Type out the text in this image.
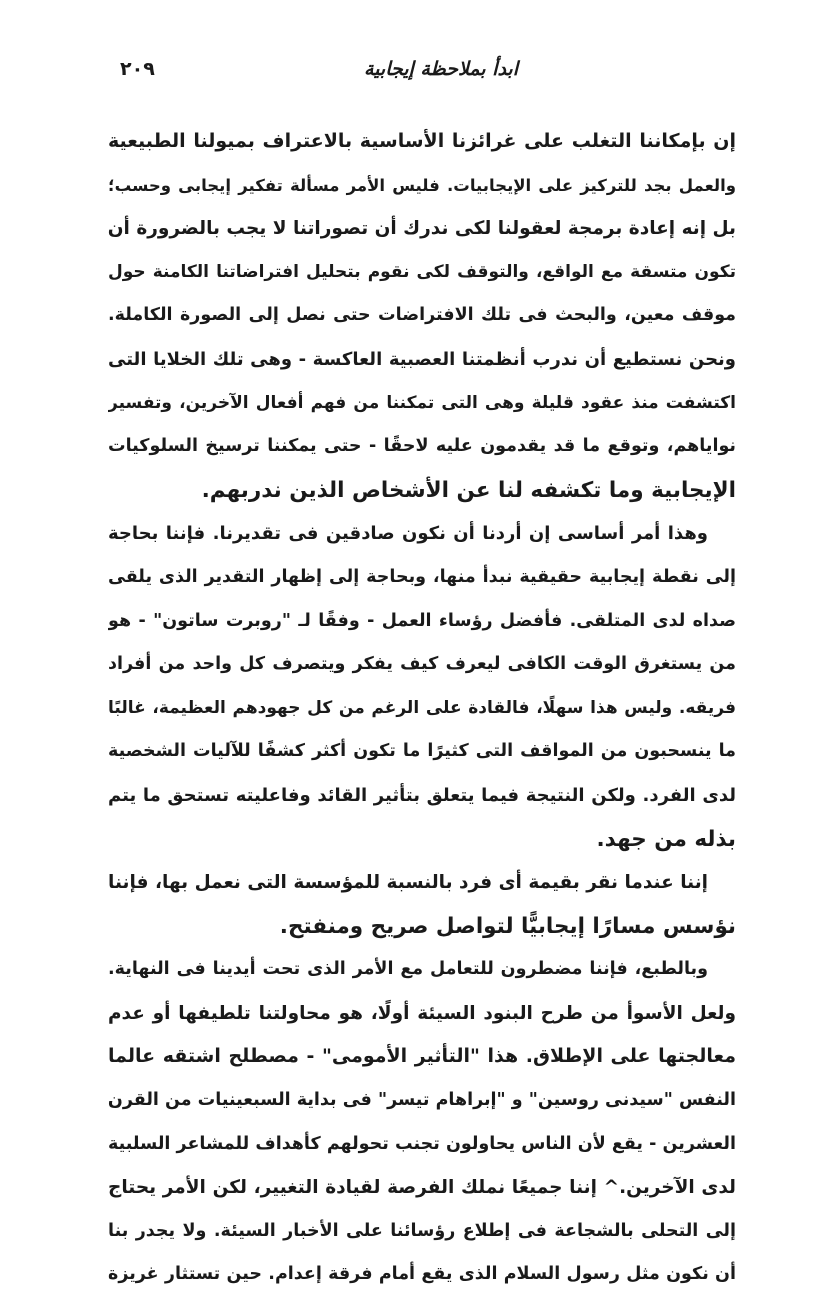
ابدأ بملاحظة إيجابية
٢٠٩
إن بإمكاننا التغلب على غرائزنا الأساسية بالاعتراف بميولنا الطبيعية
والعمل بجد للتركيز على الإيجابيات. فليس الأمر مسألة تفكير إيجابى وحسب؛
بل إنه إعادة برمجة لعقولنا لكى ندرك أن تصوراتنا لا يجب بالضرورة أن
تكون متسقة مع الواقع، والتوقف لكى نقوم بتحليل افتراضاتنا الكامنة حول
موقف معين، والبحث فى تلك الافتراضات حتى نصل إلى الصورة الكاملة.
ونحن نستطيع أن ندرب أنظمتنا العصبية العاكسة - وهى تلك الخلايا التى
اكتشفت منذ عقود قليلة وهى التى تمكننا من فهم أفعال الآخرين، وتفسير
نواياهم، وتوقع ما قد يقدمون عليه لاحقًا - حتى يمكننا ترسيخ السلوكيات
الإيجابية وما تكشفه لنا عن الأشخاص الذين ندربهم.
وهذا أمر أساسى إن أردنا أن نكون صادقين فى تقديرنا. فإننا بحاجة
إلى نقطة إيجابية حقيقية نبدأ منها، وبحاجة إلى إظهار التقدير الذى يلقى
صداه لدى المتلقى. فأفضل رؤساء العمل - وفقًا لـ "روبرت ساتون" - هو
من يستغرق الوقت الكافى ليعرف كيف يفكر ويتصرف كل واحد من أفراد
فريقه. وليس هذا سهلًا، فالقادة على الرغم من كل جهودهم العظيمة، غالبًا
ما ينسحبون من المواقف التى كثيرًا ما تكون أكثر كشفًا للآليات الشخصية
لدى الفرد. ولكن النتيجة فيما يتعلق بتأثير القائد وفاعليته تستحق ما يتم
بذله من جهد.
إننا عندما نقر بقيمة أى فرد بالنسبة للمؤسسة التى نعمل بها، فإننا
نؤسس مسارًا إيجابيًّا لتواصل صريح ومنفتح.
وبالطبع، فإننا مضطرون للتعامل مع الأمر الذى تحت أيدينا فى النهاية.
ولعل الأسوأ من طرح البنود السيئة أولًا، هو محاولتنا تلطيفها أو عدم
معالجتها على الإطلاق. هذا "التأثير الأمومى" - مصطلح اشتقه عالما
النفس "سيدنى روسين" و "إبراهام تيسر" فى بداية السبعينيات من القرن
العشرين - يقع لأن الناس يحاولون تجنب تحولهم كأهداف للمشاعر السلبية
لدى الآخرين.^ إننا جميعًا نملك الفرصة لقيادة التغيير، لكن الأمر يحتاج
إلى التحلى بالشجاعة فى إطلاع رؤسائنا على الأخبار السيئة. ولا يجدر بنا
أن نكون مثل رسول السلام الذى يقع أمام فرقة إعدام. حين تستثار غريزة
